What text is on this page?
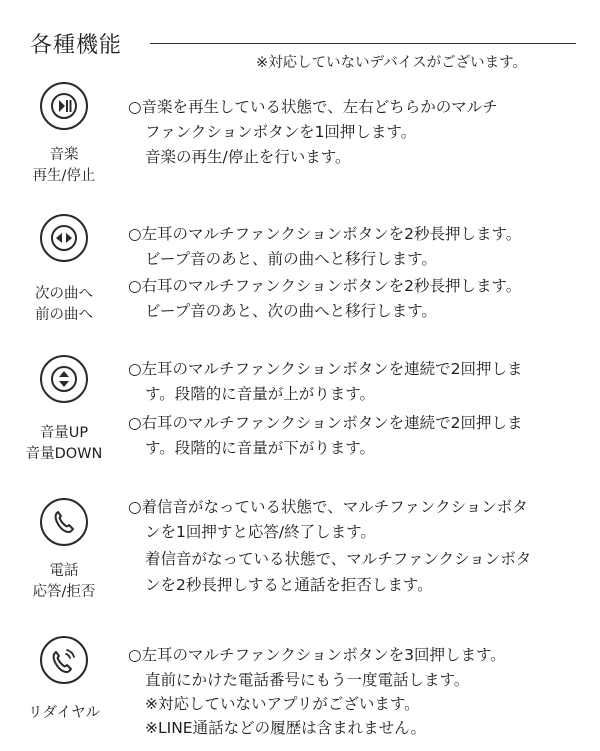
各種機能
※対応していないデバイスがございます。
音楽
再生/停止
○音楽を再生している状態で、左右どちらかのマルチ
ファンクションボタンを1回押します。
音楽の再生/停止を行います。
次の曲へ
前の曲へ
○左耳のマルチファンクションボタンを2秒長押します。
ビープ音のあと、前の曲へと移行します。
○右耳のマルチファンクションボタンを2秒長押します。
ビープ音のあと、次の曲へと移行します。
音量UP
音量DOWN
○左耳のマルチファンクションボタンを連続で2回押しま
す。段階的に音量が上がります。
○右耳のマルチファンクションボタンを連続で2回押しま
す。段階的に音量が下がります。
電話
応答/拒否
○着信音がなっている状態で、マルチファンクションボタ
ンを1回押すと応答/終了します。
着信音がなっている状態で、マルチファンクションボタ
ンを2秒長押しすると通話を拒否します。
リダイヤル
○左耳のマルチファンクションボタンを3回押します。
直前にかけた電話番号にもう一度電話します。
※対応していないアプリがございます。
※LINE通話などの履歴は含まれません。
